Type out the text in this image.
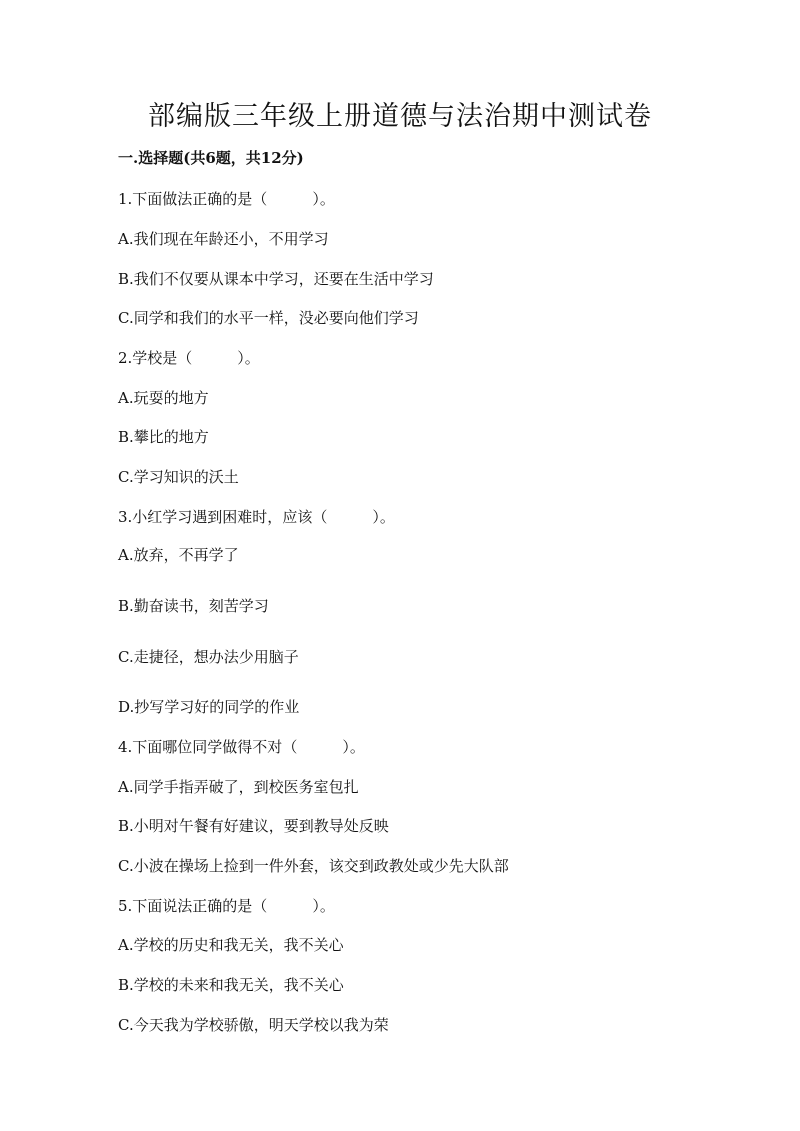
部编版三年级上册道德与法治期中测试卷
一.选择题(共6题，共12分)
1.下面做法正确的是（　　　）。
A.我们现在年龄还小，不用学习
B.我们不仅要从课本中学习，还要在生活中学习
C.同学和我们的水平一样，没必要向他们学习
2.学校是（　　　）。
A.玩耍的地方
B.攀比的地方
C.学习知识的沃土
3.小红学习遇到困难时，应该（　　　）。
A.放弃，不再学了
B.勤奋读书，刻苦学习
C.走捷径，想办法少用脑子
D.抄写学习好的同学的作业
4.下面哪位同学做得不对（　　　）。
A.同学手指弄破了，到校医务室包扎
B.小明对午餐有好建议，要到教导处反映
C.小波在操场上捡到一件外套，该交到政教处或少先大队部
5.下面说法正确的是（　　　）。
A.学校的历史和我无关，我不关心
B.学校的未来和我无关，我不关心
C.今天我为学校骄傲，明天学校以我为荣
